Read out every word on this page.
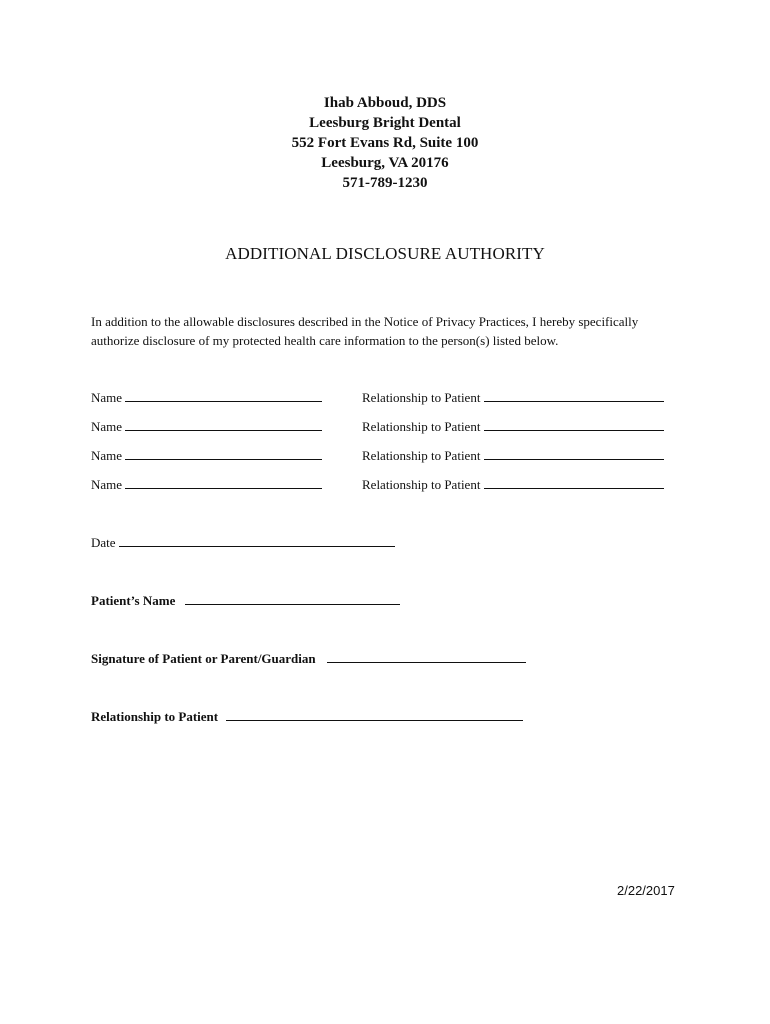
Ihab Abboud, DDS
Leesburg Bright Dental
552 Fort Evans Rd, Suite 100
Leesburg, VA 20176
571-789-1230
ADDITIONAL DISCLOSURE AUTHORITY
In addition to the allowable disclosures described in the Notice of Privacy Practices, I hereby specifically authorize disclosure of my protected health care information to the person(s) listed below.
Name	Relationship to Patient
Name	Relationship to Patient
Name	Relationship to Patient
Name	Relationship to Patient
Date
Patient’s Name
Signature of Patient or Parent/Guardian
Relationship to Patient
2/22/2017
